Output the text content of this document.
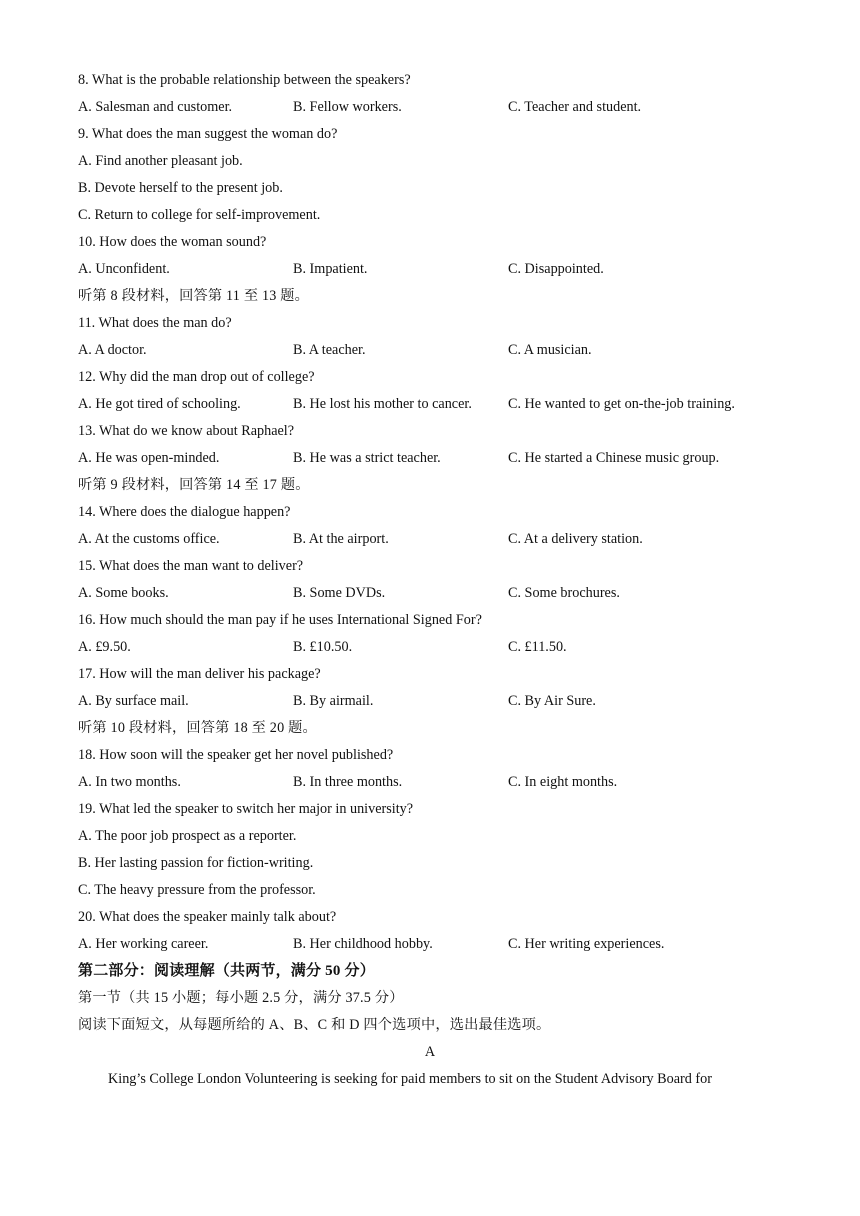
8. What is the probable relationship between the speakers?
A. Salesman and customer.	B. Fellow workers.	C. Teacher and student.
9. What does the man suggest the woman do?
A. Find another pleasant job.
B. Devote herself to the present job.
C. Return to college for self-improvement.
10. How does the woman sound?
A. Unconfident.	B. Impatient.	C. Disappointed.
听第 8 段材料，回答第 11 至 13 题。
11. What does the man do?
A. A doctor.	B. A teacher.	C. A musician.
12. Why did the man drop out of college?
A. He got tired of schooling.	B. He lost his mother to cancer.	C. He wanted to get on-the-job training.
13. What do we know about Raphael?
A. He was open-minded.	B. He was a strict teacher.	C. He started a Chinese music group.
听第 9 段材料，回答第 14 至 17 题。
14. Where does the dialogue happen?
A. At the customs office.	B. At the airport.	C. At a delivery station.
15. What does the man want to deliver?
A. Some books.	B. Some DVDs.	C. Some brochures.
16. How much should the man pay if he uses International Signed For?
A. £9.50.	B. £10.50.	C. £11.50.
17. How will the man deliver his package?
A. By surface mail.	B. By airmail.	C. By Air Sure.
听第 10 段材料，回答第 18 至 20 题。
18. How soon will the speaker get her novel published?
A. In two months.	B. In three months.	C. In eight months.
19. What led the speaker to switch her major in university?
A. The poor job prospect as a reporter.
B. Her lasting passion for fiction-writing.
C. The heavy pressure from the professor.
20. What does the speaker mainly talk about?
A. Her working career.	B. Her childhood hobby.	C. Her writing experiences.
第二部分：阅读理解（共两节，满分 50 分）
第一节（共 15 小题；每小题 2.5 分，满分 37.5 分）
阅读下面短文，从每题所给的 A、B、C 和 D 四个选项中，选出最佳选项。
A
King’s College London Volunteering is seeking for paid members to sit on the Student Advisory Board for
